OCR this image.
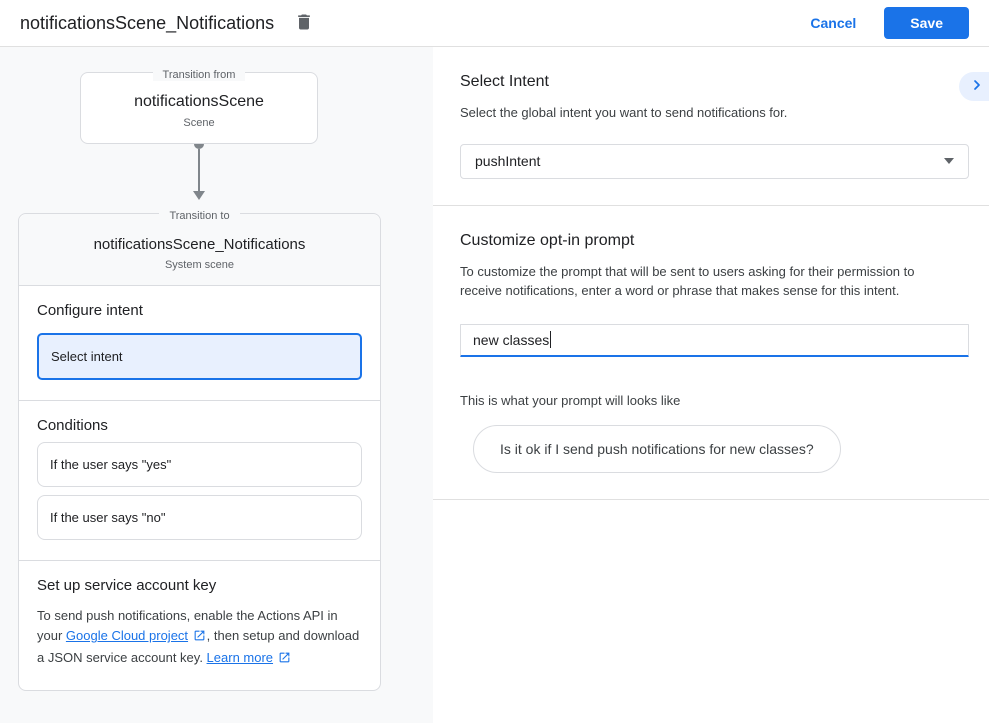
notificationsScene_Notifications	Cancel	Save
Transition from
notificationsScene
Scene
Transition to
notificationsScene_Notifications
System scene
Configure intent
Select intent
Conditions
If the user says "yes"
If the user says "no"
Set up service account key
To send push notifications, enable the Actions API in your Google Cloud project , then setup and download a JSON service account key. Learn more
Select Intent
Select the global intent you want to send notifications for.
pushIntent
Customize opt-in prompt
To customize the prompt that will be sent to users asking for their permission to receive notifications, enter a word or phrase that makes sense for this intent.
new classes
This is what your prompt will looks like
Is it ok if I send push notifications for new classes?
